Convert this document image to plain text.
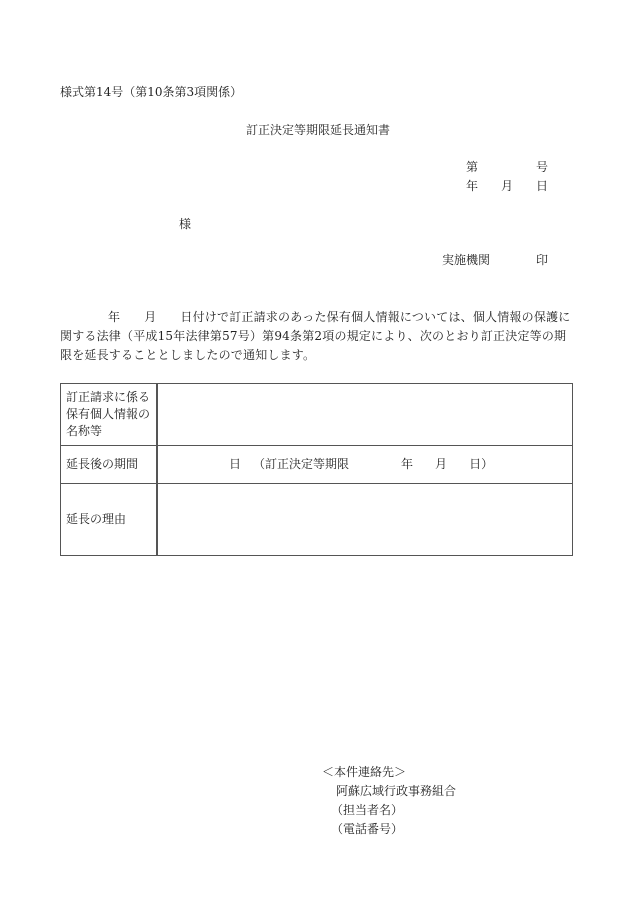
様式第14号（第10条第3項関係）
訂正決定等期限延長通知書
第	号
年 月 日
様
実施機関	印
年 月 日付けで訂正請求のあった保有個人情報については、個人情報の保護に関する法律（平成15年法律第57号）第94条第2項の規定により、次のとおり訂正決定等の期限を延長することとしましたので通知します。
訂正請求に係る保有個人情報の名称等	
延長後の期間	日 （訂正決定等期限 年 月 日）
延長の理由	
＜本件連絡先＞
阿蘇広域行政事務組合
（担当者名）
（電話番号）
